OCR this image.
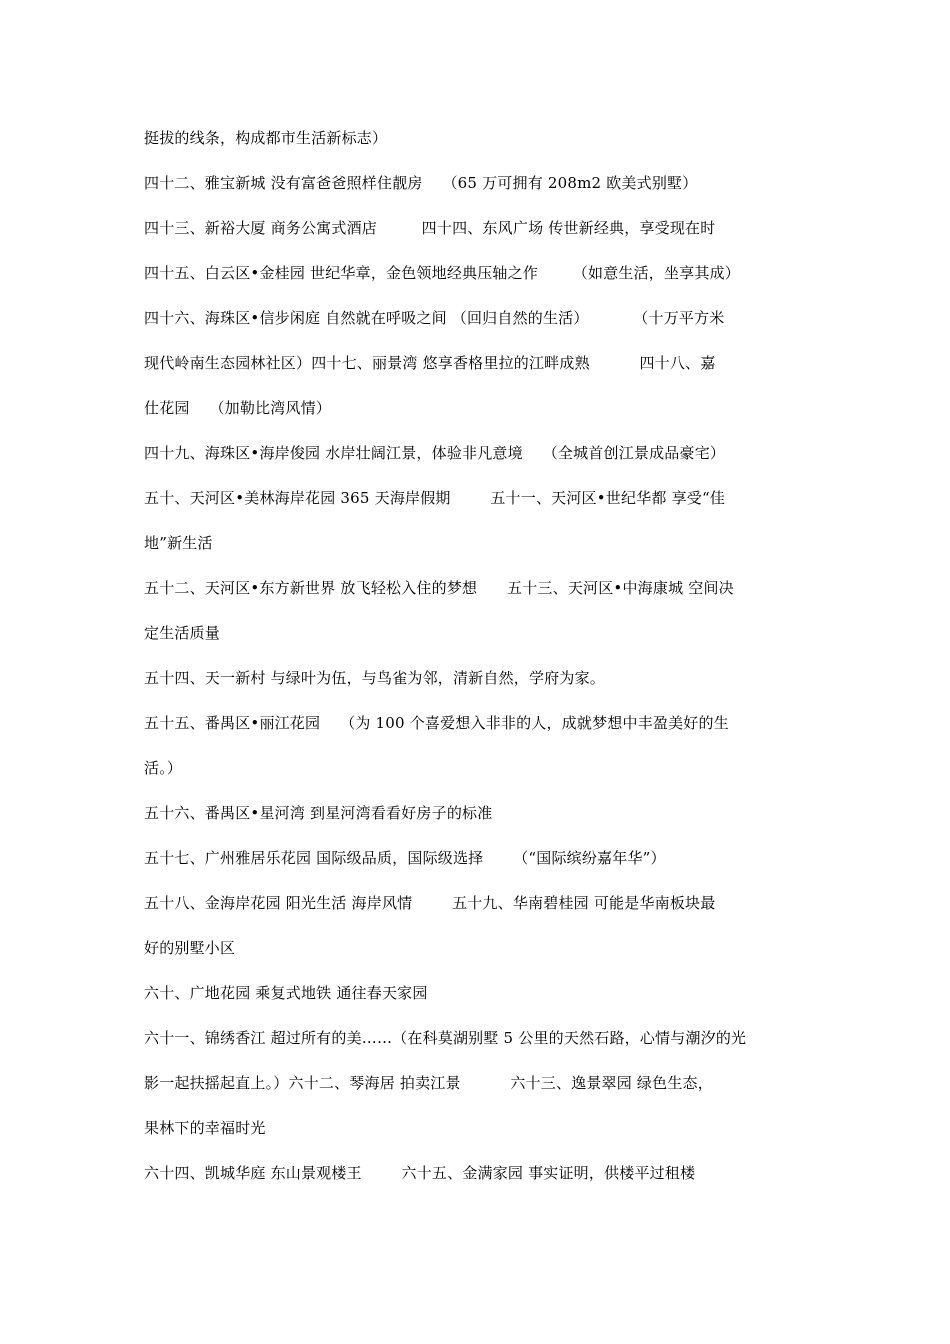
挺拔的线条，构成都市生活新标志）
四十二、雅宝新城 没有富爸爸照样住靓房    （65 万可拥有 208m2 欧美式别墅）
四十三、新裕大厦 商务公寓式酒店         四十四、东风广场 传世新经典，享受现在时
四十五、白云区•金桂园 世纪华章，金色领地经典压轴之作       （如意生活，坐享其成）
四十六、海珠区•信步闲庭 自然就在呼吸之间 （回归自然的生活）         （十万平方米
现代岭南生态园林社区）四十七、丽景湾 悠享香格里拉的江畔成熟          四十八、嘉
仕花园    （加勒比湾风情）
四十九、海珠区•海岸俊园 水岸壮阔江景，体验非凡意境    （全城首创江景成品豪宅）
五十、天河区•美林海岸花园 365 天海岸假期        五十一、天河区•世纪华都 享受“佳
地”新生活
五十二、天河区•东方新世界 放飞轻松入住的梦想      五十三、天河区•中海康城 空间决
定生活质量
五十四、天一新村 与绿叶为伍，与鸟雀为邻，清新自然，学府为家。
五十五、番禺区•丽江花园    （为 100 个喜爱想入非非的人，成就梦想中丰盈美好的生
活。）
五十六、番禺区•星河湾 到星河湾看看好房子的标准
五十七、广州雅居乐花园 国际级品质，国际级选择      （“国际缤纷嘉年华”）
五十八、金海岸花园 阳光生活 海岸风情        五十九、华南碧桂园 可能是华南板块最
好的别墅小区
六十、广地花园 乘复式地铁 通往春天家园
六十一、锦绣香江 超过所有的美……（在科莫湖别墅 5 公里的天然石路，心情与潮汐的光
影一起扶摇起直上。）六十二、琴海居 拍卖江景          六十三、逸景翠园 绿色生态，
果林下的幸福时光
六十四、凯城华庭 东山景观楼王        六十五、金满家园 事实证明，供楼平过租楼
